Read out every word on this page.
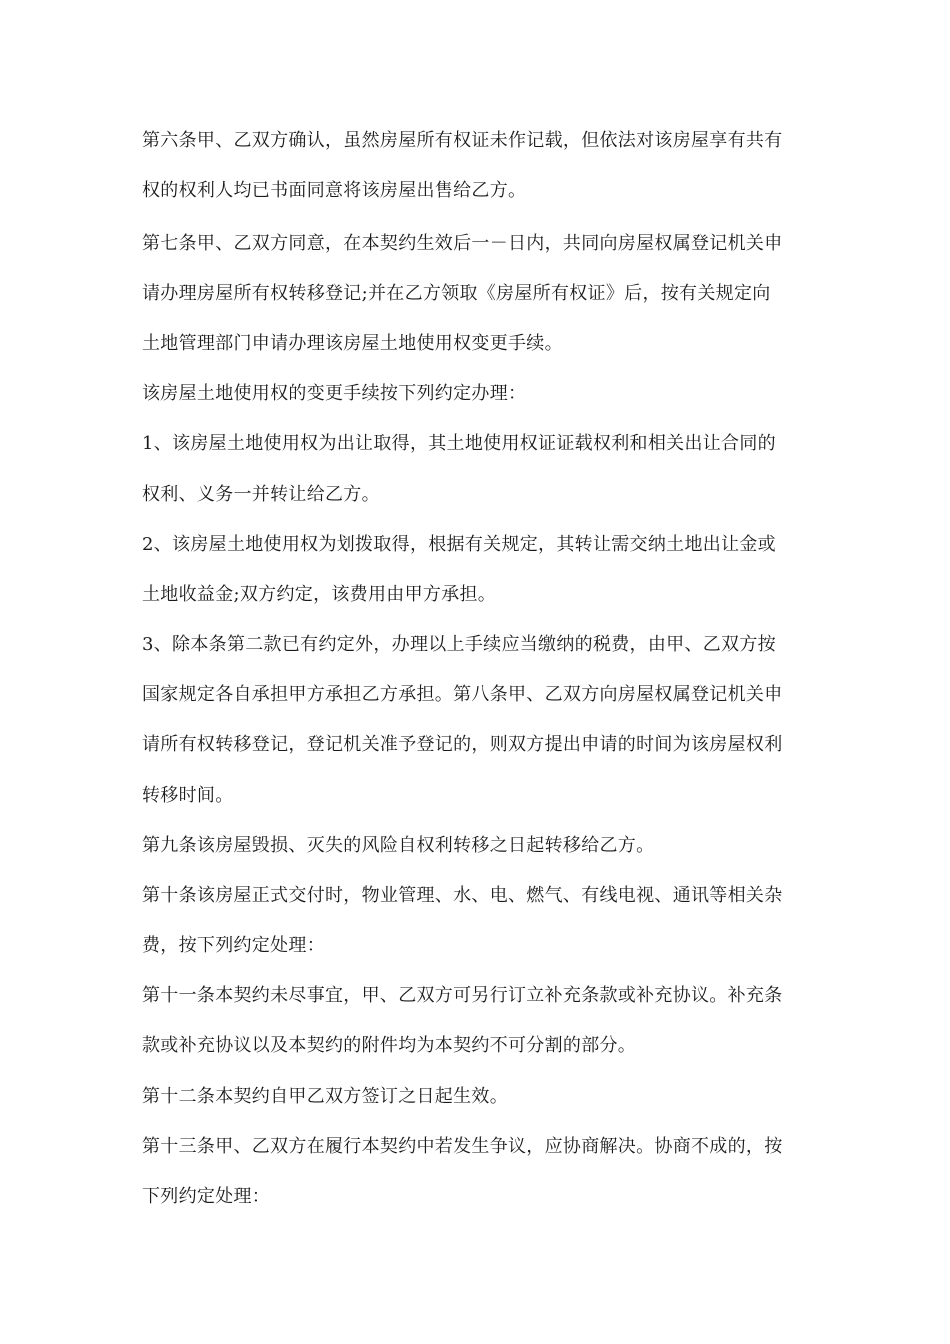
第六条甲、乙双方确认，虽然房屋所有权证未作记载，但依法对该房屋享有共有
权的权利人均已书面同意将该房屋出售给乙方。
第七条甲、乙双方同意，在本契约生效后一－日内，共同向房屋权属登记机关申
请办理房屋所有权转移登记;并在乙方领取《房屋所有权证》后，按有关规定向
土地管理部门申请办理该房屋土地使用权变更手续。
该房屋土地使用权的变更手续按下列约定办理：
1、该房屋土地使用权为出让取得，其土地使用权证证载权利和相关出让合同的
权利、义务一并转让给乙方。
2、该房屋土地使用权为划拨取得，根据有关规定，其转让需交纳土地出让金或
土地收益金;双方约定，该费用由甲方承担。
3、除本条第二款已有约定外，办理以上手续应当缴纳的税费，由甲、乙双方按
国家规定各自承担甲方承担乙方承担。第八条甲、乙双方向房屋权属登记机关申
请所有权转移登记，登记机关准予登记的，则双方提出申请的时间为该房屋权利
转移时间。
第九条该房屋毁损、灭失的风险自权利转移之日起转移给乙方。
第十条该房屋正式交付时，物业管理、水、电、燃气、有线电视、通讯等相关杂
费，按下列约定处理：
第十一条本契约未尽事宜，甲、乙双方可另行订立补充条款或补充协议。补充条
款或补充协议以及本契约的附件均为本契约不可分割的部分。
第十二条本契约自甲乙双方签订之日起生效。
第十三条甲、乙双方在履行本契约中若发生争议，应协商解决。协商不成的，按
下列约定处理：
